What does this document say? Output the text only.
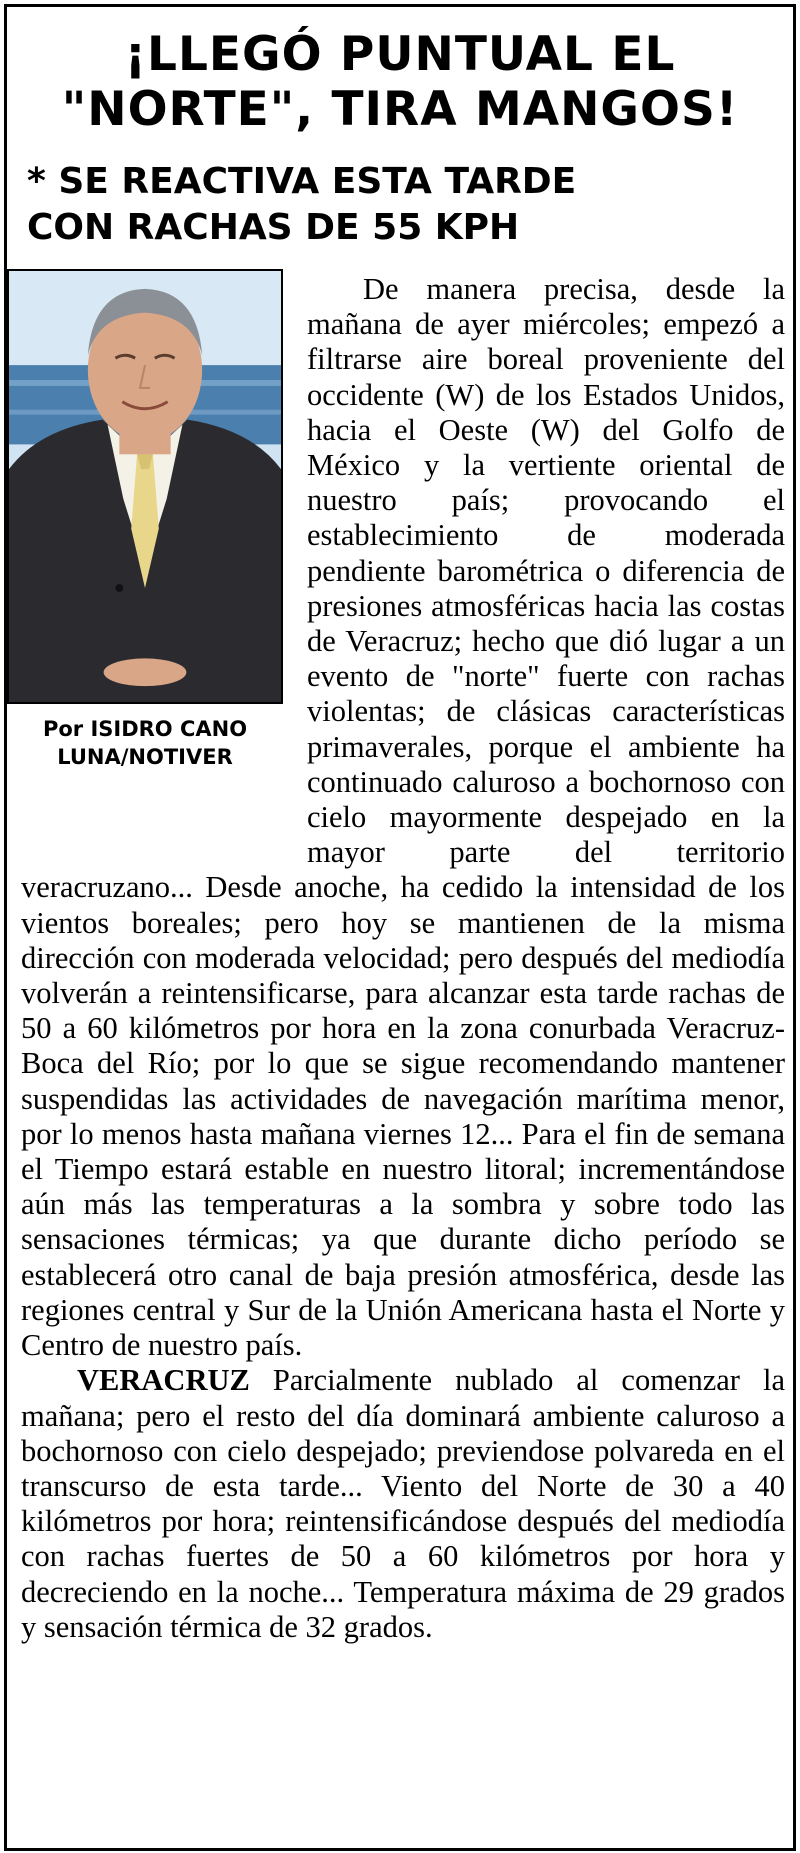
¡LLEGÓ PUNTUAL EL
"NORTE", TIRA MANGOS!
* SE REACTIVA ESTA TARDE
CON RACHAS DE 55 KPH
Por ISIDRO CANO
LUNA/NOTIVER

De manera precisa, desde la mañana de ayer miércoles; empezó a filtrarse aire boreal proveniente del occidente (W) de los Estados Unidos, hacia el Oeste (W) del Golfo de México y la vertiente oriental de nuestro país; provocando el establecimiento de moderada pendiente barométrica o diferencia de presiones atmosféricas hacia las costas de Veracruz; hecho que dió lugar a un evento de "norte" fuerte con rachas violentas; de clásicas características primaverales, porque el ambiente ha continuado caluroso a bochornoso con cielo mayormente despejado en la mayor parte del territorio veracruzano... Desde anoche, ha cedido la intensidad de los vientos boreales; pero hoy se mantienen de la misma dirección con moderada velocidad; pero después del mediodía volverán a reintensificarse, para alcanzar esta tarde rachas de 50 a 60 kilómetros por hora en la zona conurbada Veracruz-Boca del Río; por lo que se sigue recomendando mantener suspendidas las actividades de navegación marítima menor, por lo menos hasta mañana viernes 12... Para el fin de semana el Tiempo estará estable en nuestro litoral; incrementándose aún más las temperaturas a la sombra y sobre todo las sensaciones térmicas; ya que durante dicho período se establecerá otro canal de baja presión atmosférica, desde las regiones central y Sur de la Unión Americana hasta el Norte y Centro de nuestro país.

VERACRUZ Parcialmente nublado al comenzar la mañana; pero el resto del día dominará ambiente caluroso a bochornoso con cielo despejado; previendose polvareda en el transcurso de esta tarde... Viento del Norte de 30 a 40 kilómetros por hora; reintensificándose después del mediodía con rachas fuertes de 50 a 60 kilómetros por hora y decreciendo en la noche... Temperatura máxima de 29 grados y sensación térmica de 32 grados.
